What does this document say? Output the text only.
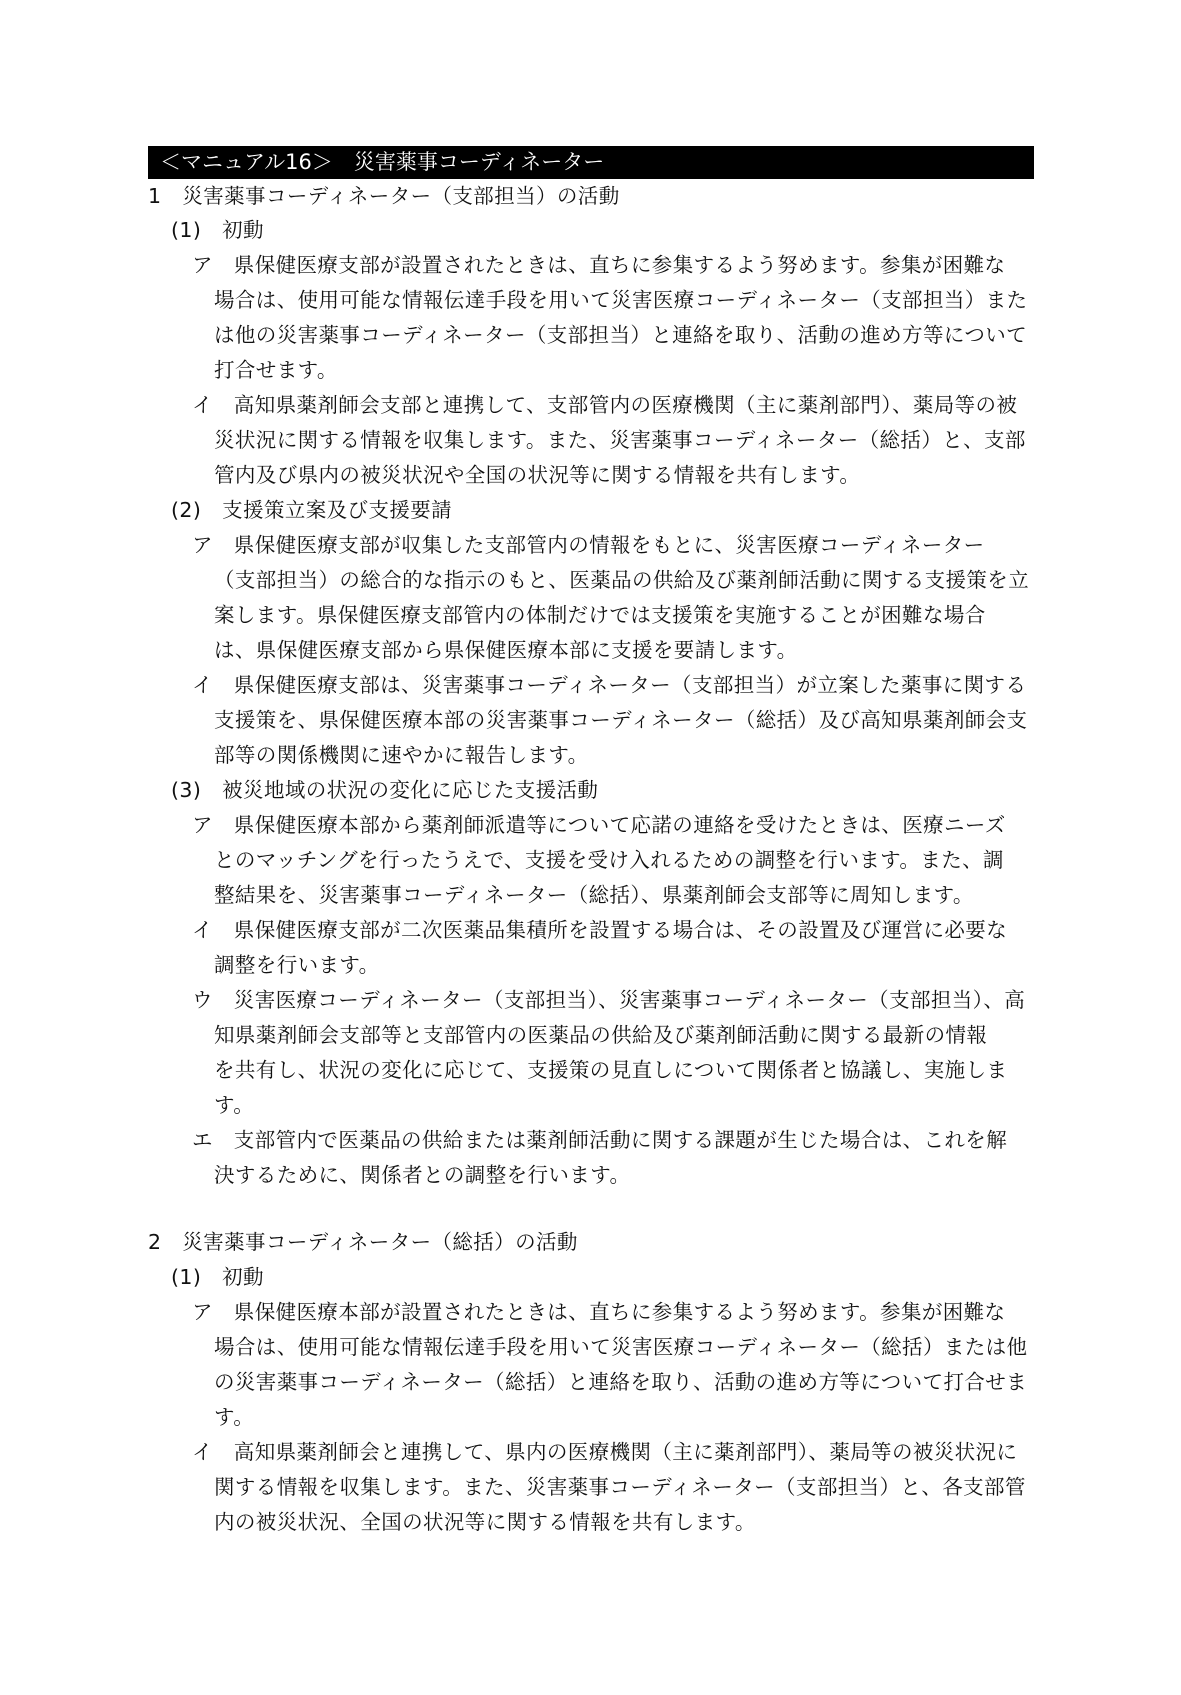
＜マニュアル16＞　災害薬事コーディネーター
1　災害薬事コーディネーター（支部担当）の活動
(1)　初動
ア　県保健医療支部が設置されたときは、直ちに参集するよう努めます。参集が困難な
場合は、使用可能な情報伝達手段を用いて災害医療コーディネーター（支部担当）また
は他の災害薬事コーディネーター（支部担当）と連絡を取り、活動の進め方等について
打合せます。
イ　高知県薬剤師会支部と連携して、支部管内の医療機関（主に薬剤部門）、薬局等の被
災状況に関する情報を収集します。また、災害薬事コーディネーター（総括）と、支部
管内及び県内の被災状況や全国の状況等に関する情報を共有します。
(2)　支援策立案及び支援要請
ア　県保健医療支部が収集した支部管内の情報をもとに、災害医療コーディネーター
（支部担当）の総合的な指示のもと、医薬品の供給及び薬剤師活動に関する支援策を立
案します。県保健医療支部管内の体制だけでは支援策を実施することが困難な場合
は、県保健医療支部から県保健医療本部に支援を要請します。
イ　県保健医療支部は、災害薬事コーディネーター（支部担当）が立案した薬事に関する
支援策を、県保健医療本部の災害薬事コーディネーター（総括）及び高知県薬剤師会支
部等の関係機関に速やかに報告します。
(3)　被災地域の状況の変化に応じた支援活動
ア　県保健医療本部から薬剤師派遣等について応諾の連絡を受けたときは、医療ニーズ
とのマッチングを行ったうえで、支援を受け入れるための調整を行います。また、調
整結果を、災害薬事コーディネーター（総括）、県薬剤師会支部等に周知します。
イ　県保健医療支部が二次医薬品集積所を設置する場合は、その設置及び運営に必要な
調整を行います。
ウ　災害医療コーディネーター（支部担当）、災害薬事コーディネーター（支部担当）、高
知県薬剤師会支部等と支部管内の医薬品の供給及び薬剤師活動に関する最新の情報
を共有し、状況の変化に応じて、支援策の見直しについて関係者と協議し、実施しま
す。
エ　支部管内で医薬品の供給または薬剤師活動に関する課題が生じた場合は、これを解
決するために、関係者との調整を行います。
2　災害薬事コーディネーター（総括）の活動
(1)　初動
ア　県保健医療本部が設置されたときは、直ちに参集するよう努めます。参集が困難な
場合は、使用可能な情報伝達手段を用いて災害医療コーディネーター（総括）または他
の災害薬事コーディネーター（総括）と連絡を取り、活動の進め方等について打合せま
す。
イ　高知県薬剤師会と連携して、県内の医療機関（主に薬剤部門）、薬局等の被災状況に
関する情報を収集します。また、災害薬事コーディネーター（支部担当）と、各支部管
内の被災状況、全国の状況等に関する情報を共有します。
